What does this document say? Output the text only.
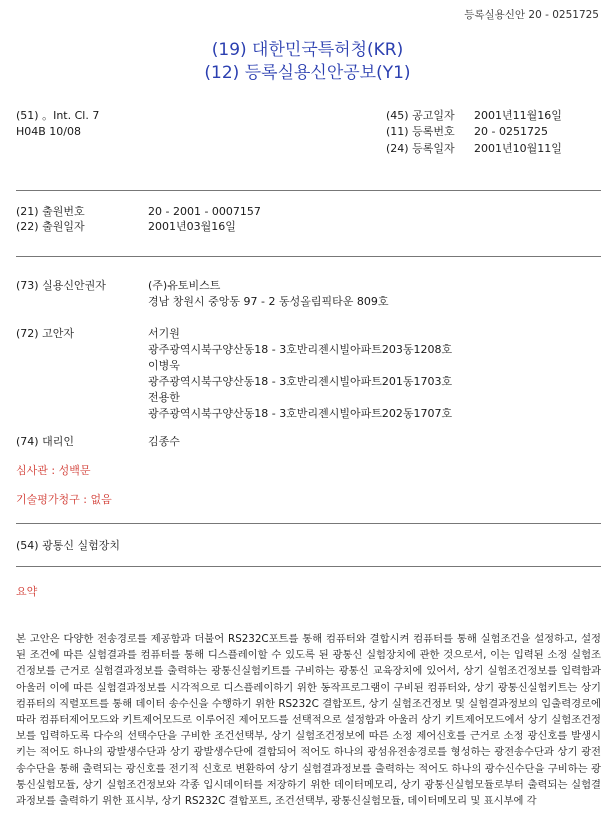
등록실용신안 20 - 0251725
(19) 대한민국특허청(KR)
(12) 등록실용신안공보(Y1)
(51) 。Int. Cl. 7
H04B 10/08
(45) 공고일자 2001년11월16일
(11) 등록번호 20 - 0251725
(24) 등록일자 2001년10월11일
(21) 출원번호	20 - 2001 - 0007157
(22) 출원일자	2001년03월16일
(73) 실용신안권자	(주)유토비스트
경남 창원시 중앙동 97 - 2 동성올림픽타운 809호
(72) 고안자	서기원
광주광역시북구양산동18 - 3호반리젠시빌아파트203동1208호
이병욱
광주광역시북구양산동18 - 3호반리젠시빌아파트201동1703호
전용한
광주광역시북구양산동18 - 3호반리젠시빌아파트202동1707호
(74) 대리인	김종수
심사관 : 성백문
기술평가청구 : 없음
(54) 광통신 실험장치
요약
본 고안은 다양한 전송경로를 제공함과 더불어 RS232C포트를 통해 컴퓨터와 결합시켜 컴퓨터를 통해 실험조건을 설정하고, 설정된 조건에 따른 실험결과를 컴퓨터를 통해 디스플레이할 수 있도록 된 광통신 실험장치에 관한 것으로서, 이는 입력된 소정 실험조건정보를 근거로 실험결과정보를 출력하는 광통신실험키트를 구비하는 광통신 교육장치에 있어서, 상기 실험조건정보를 입력함과 아울러 이에 따른 실험결과정보를 시각적으로 디스플레이하기 위한 동작프로그램이 구비된 컴퓨터와, 상기 광통신실험키트는 상기 컴퓨터의 직렬포트를 통해 데이터 송수신을 수행하기 위한 RS232C 결합포트, 상기 실험조건정보 및 실험결과정보의 입출력경로에 따라 컴퓨터제어모드와 키트제어모드로 이루어진 제어모드를 선택적으로 설정함과 아울러 상기 키트제어모드에서 상기 실험조건정보를 입력하도록 다수의 선택수단을 구비한 조건선택부, 상기 실험조건정보에 따른 소정 제어신호를 근거로 소정 광신호를 발생시키는 적어도 하나의 광발생수단과 상기 광발생수단에 결합되어 적어도 하나의 광섬유전송경로를 형성하는 광전송수단과 상기 광전송수단을 통해 출력되는 광신호를 전기적 신호로 변환하여 상기 실험결과정보를 출력하는 적어도 하나의 광수신수단을 구비하는 광통신실험모듈, 상기 실험조건정보와 각종 입시데이터를 저장하기 위한 데이터메모리, 상기 광통신실험모듈로부터 출력되는 실험결과정보를 출력하기 위한 표시부, 상기 RS232C 결합포트, 조건선택부, 광통신실험모듈, 데이터메모리 및 표시부에 각
